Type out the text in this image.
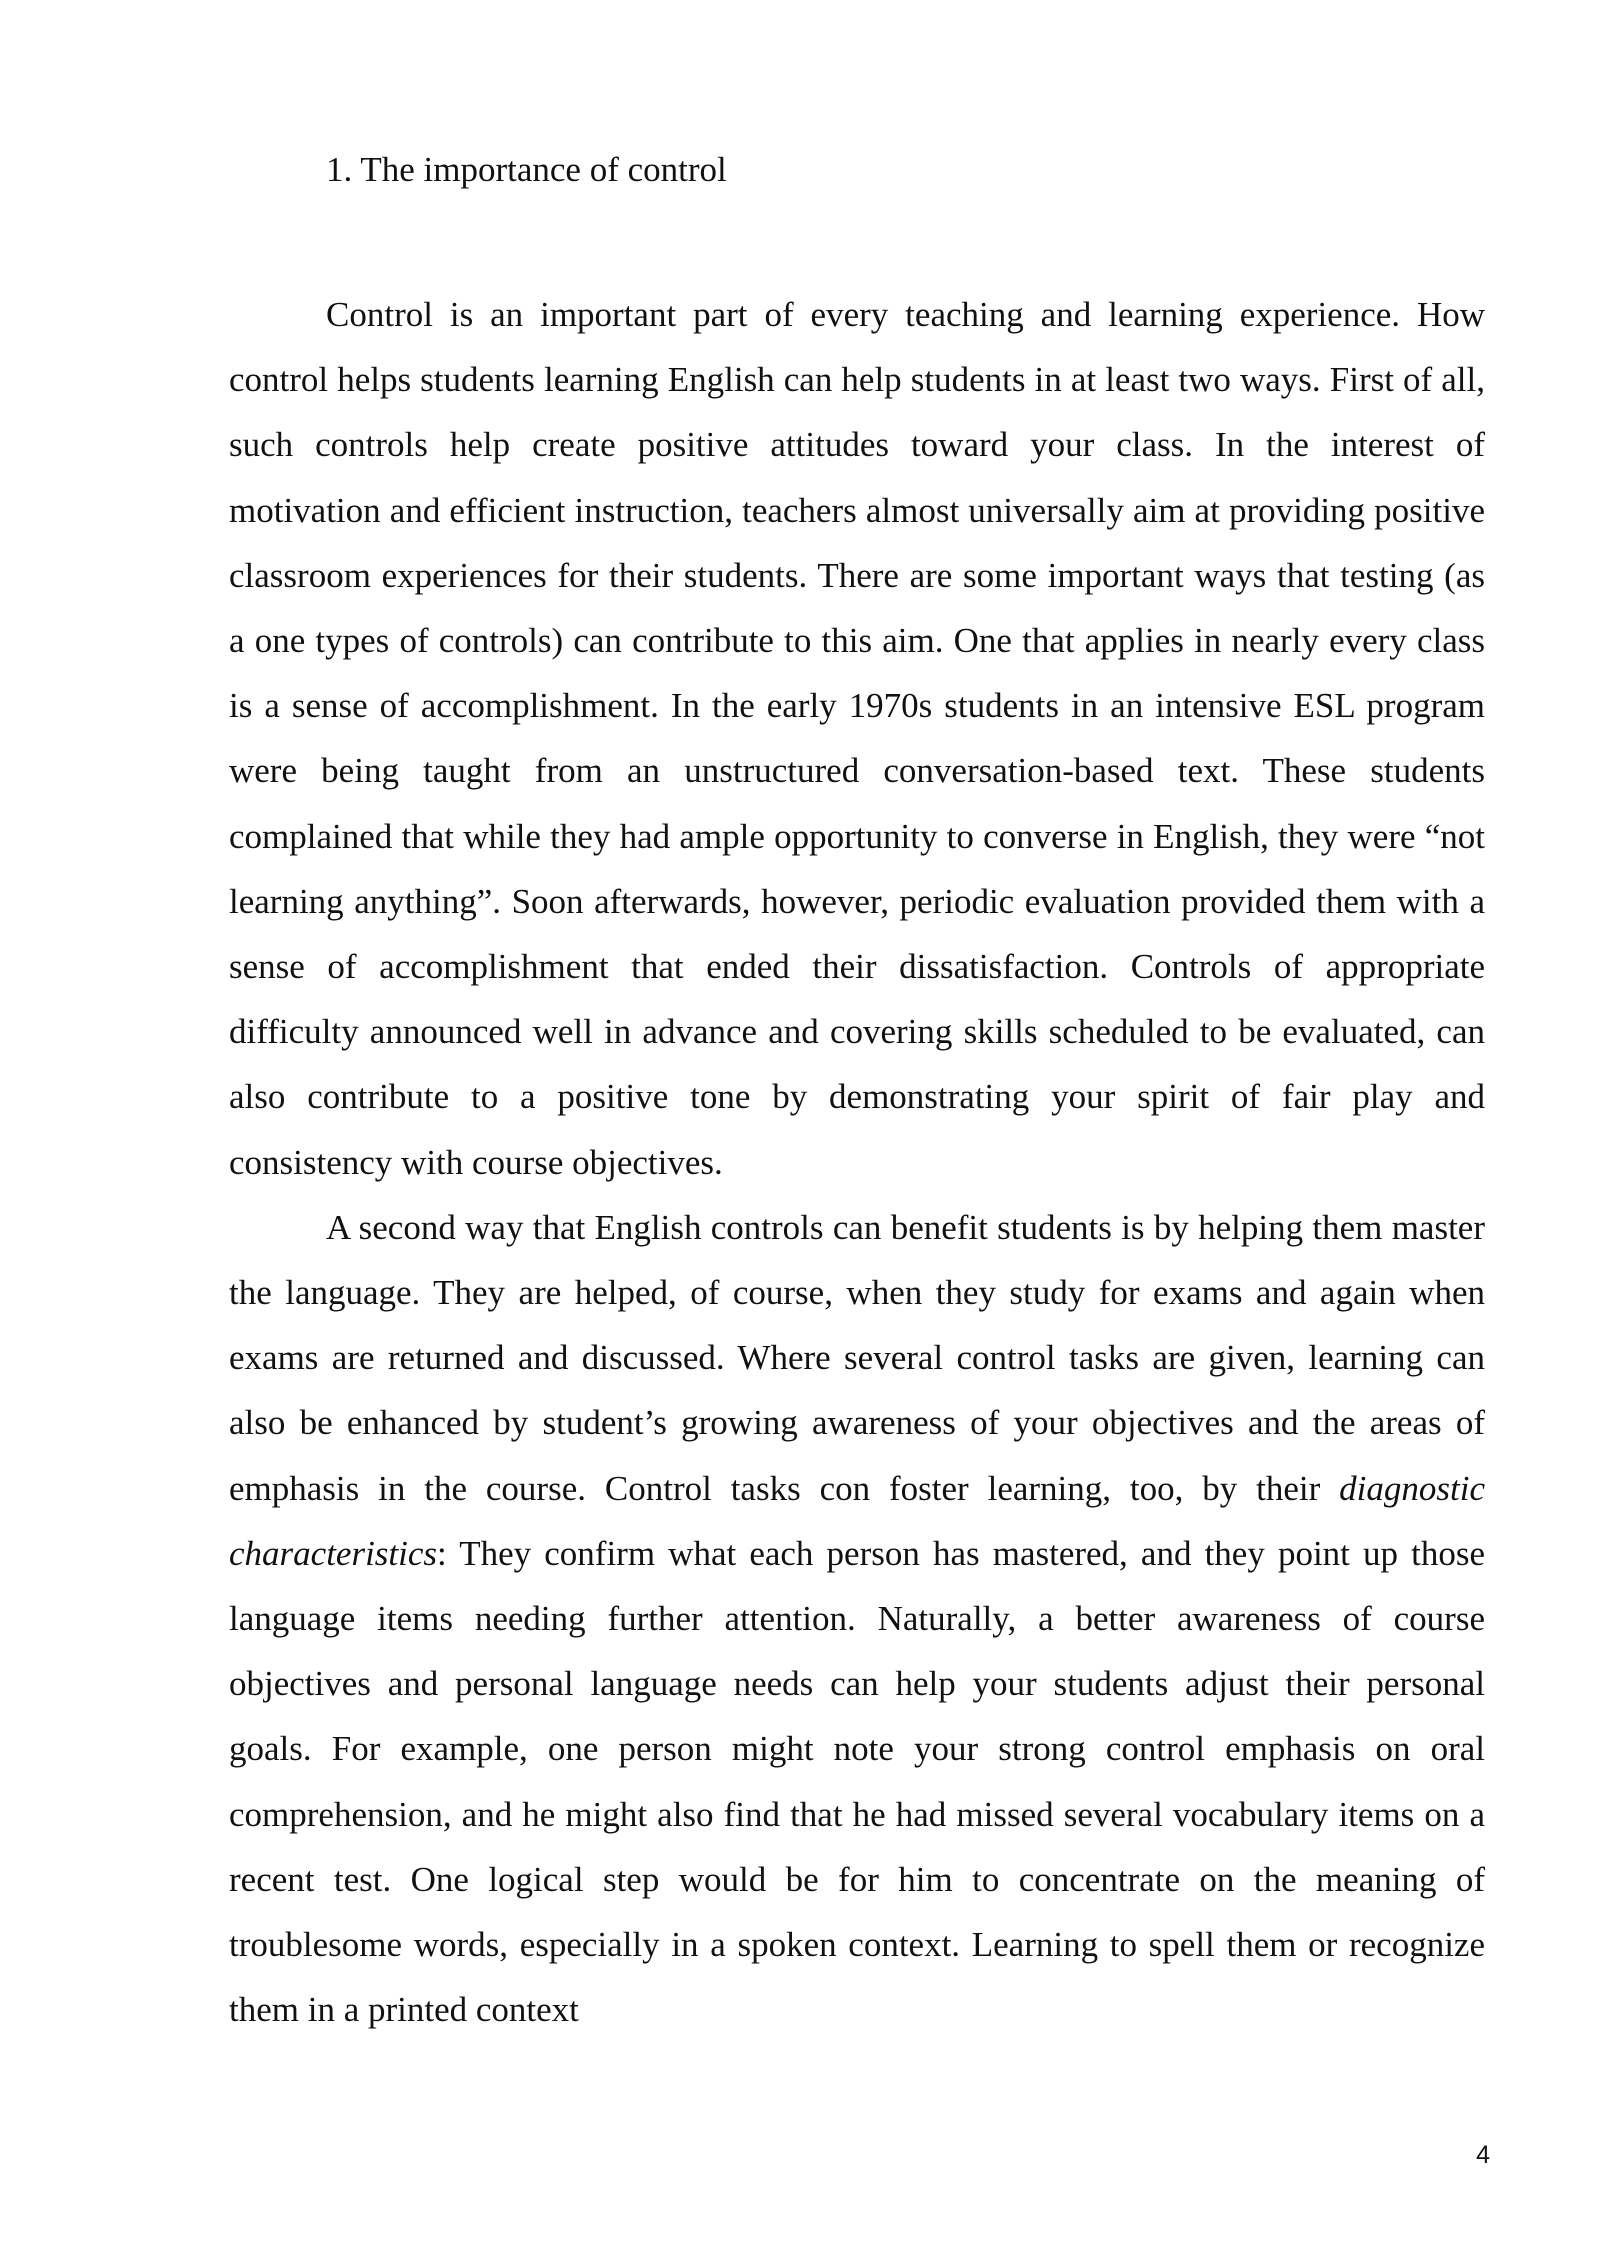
1. The importance of control

Control is an important part of every teaching and learning experience. How control helps students learning English can help students in at least two ways. First of all, such controls help create positive attitudes toward your class. In the interest of motivation and efficient instruction, teachers almost universally aim at providing positive classroom experiences for their students. There are some important ways that testing (as a one types of controls) can contribute to this aim. One that applies in nearly every class is a sense of accomplishment. In the early 1970s students in an intensive ESL program were being taught from an unstructured conversation-based text. These students complained that while they had ample opportunity to converse in English, they were “not learning anything”. Soon afterwards, however, periodic evaluation provided them with a sense of accomplishment that ended their dissatisfaction. Controls of appropriate difficulty announced well in advance and covering skills scheduled to be evaluated, can also contribute to a positive tone by demonstrating your spirit of fair play and consistency with course objectives.

A second way that English controls can benefit students is by helping them master the language. They are helped, of course, when they study for exams and again when exams are returned and discussed. Where several control tasks are given, learning can also be enhanced by student’s growing awareness of your objectives and the areas of emphasis in the course. Control tasks con foster learning, too, by their diagnostic characteristics: They confirm what each person has mastered, and they point up those language items needing further attention. Naturally, a better awareness of course objectives and personal language needs can help your students adjust their personal goals. For example, one person might note your strong control emphasis on oral comprehension, and he might also find that he had missed several vocabulary items on a recent test. One logical step would be for him to concentrate on the meaning of troublesome words, especially in a spoken context. Learning to spell them or recognize them in a printed context

4
